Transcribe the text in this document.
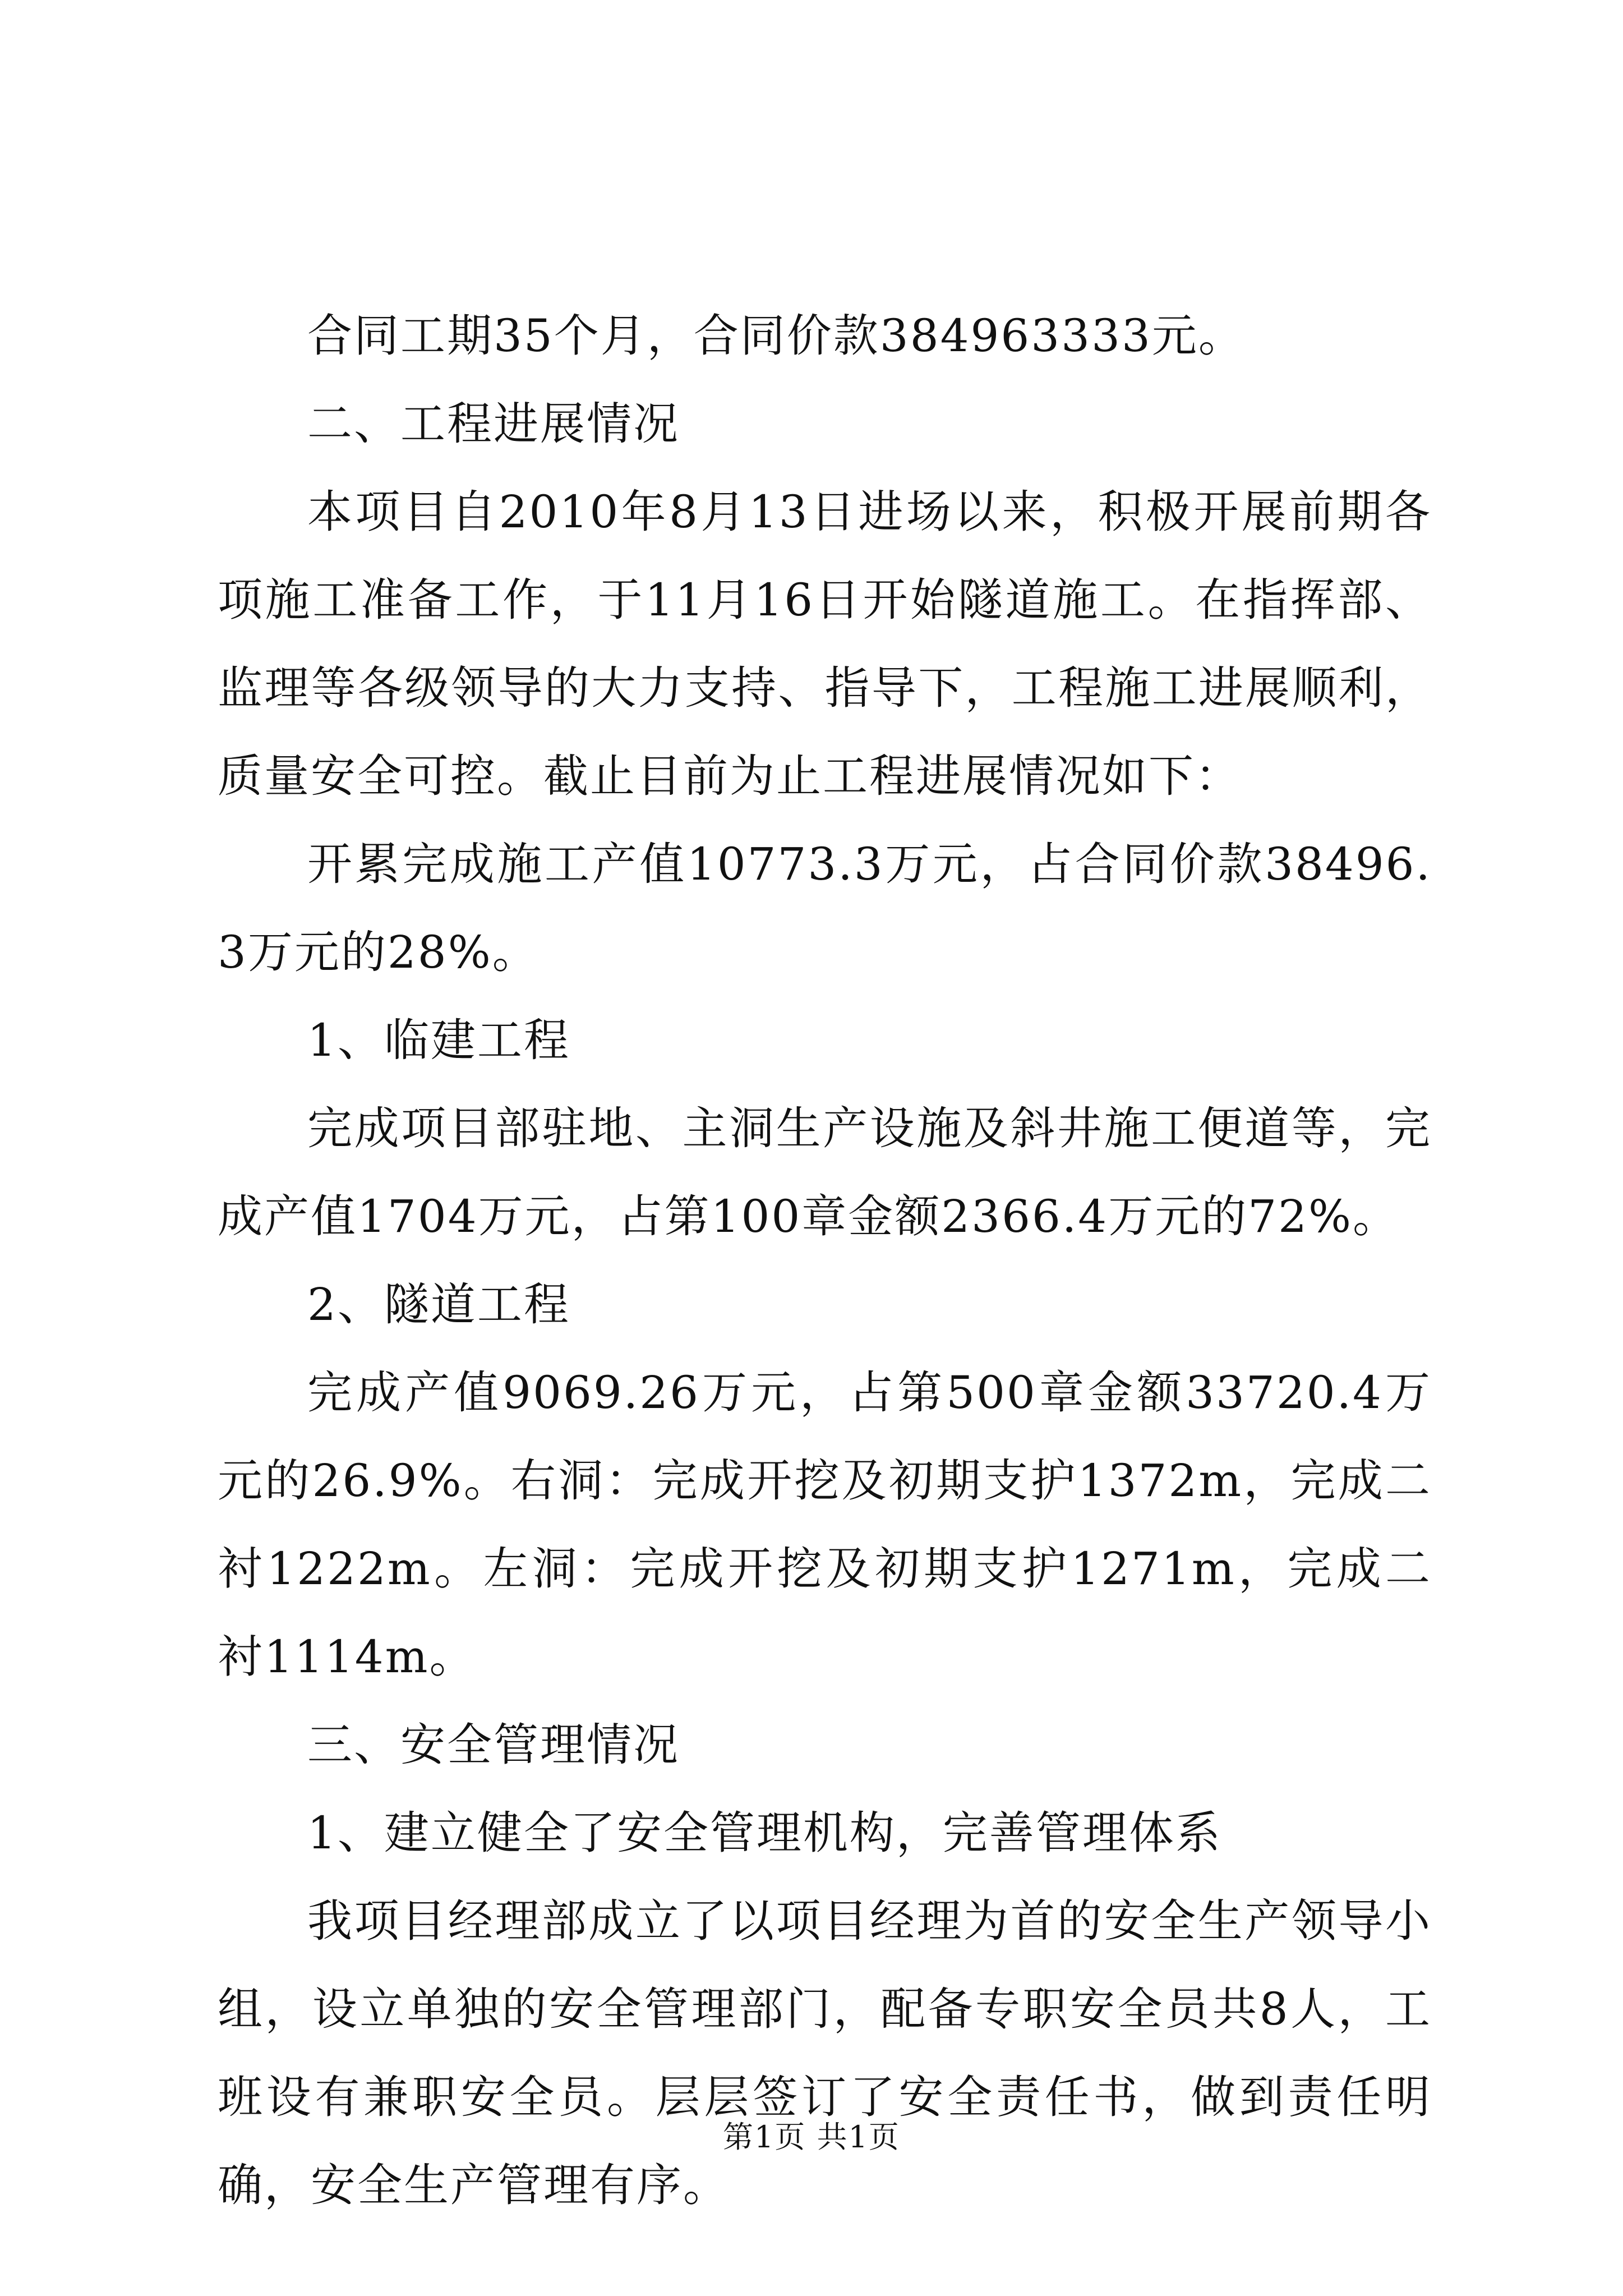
合同工期35个月，合同价款384963333元。

二、工程进展情况

本项目自2010年8月13日进场以来，积极开展前期各项施工准备工作，于11月16日开始隧道施工。在指挥部、监理等各级领导的大力支持、指导下，工程施工进展顺利，质量安全可控。截止目前为止工程进展情况如下：

开累完成施工产值10773.3万元，占合同价款38496.3万元的28%。

1、临建工程

完成项目部驻地、主洞生产设施及斜井施工便道等，完成产值1704万元，占第100章金额2366.4万元的72%。

2、隧道工程

完成产值9069.26万元，占第500章金额33720.4万元的26.9%。右洞：完成开挖及初期支护1372m，完成二衬1222m。左洞：完成开挖及初期支护1271m，完成二衬1114m。

三、安全管理情况

1、建立健全了安全管理机构，完善管理体系

我项目经理部成立了以项目经理为首的安全生产领导小组，设立单独的安全管理部门，配备专职安全员共8人，工班设有兼职安全员。层层签订了安全责任书，做到责任明确，安全生产管理有序。

第1页 共1页
